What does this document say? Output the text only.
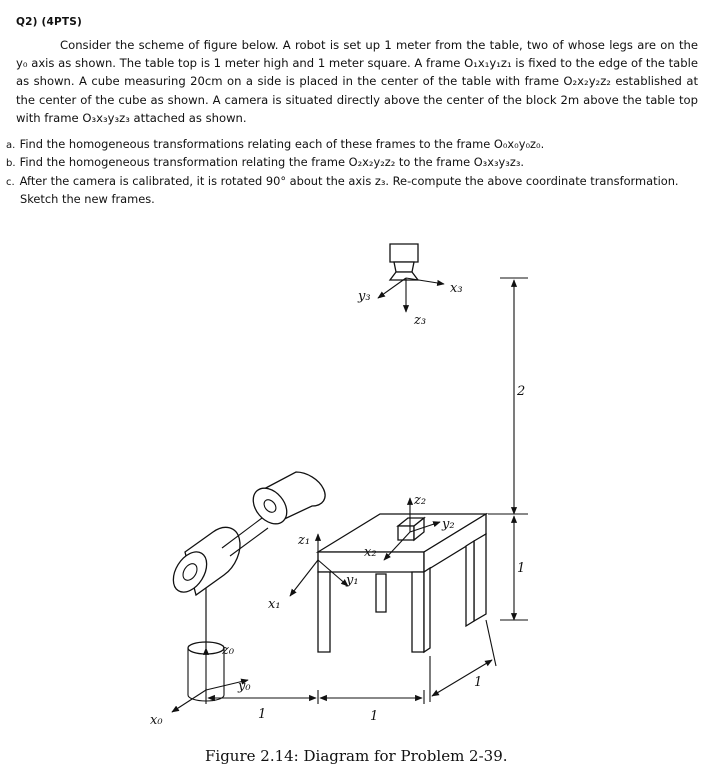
Q2) (4PTS)
Consider the scheme of figure below. A robot is set up 1 meter from the table, two of whose legs are on the y₀ axis as shown. The table top is 1 meter high and 1 meter square. A frame O₁x₁y₁z₁ is fixed to the edge of the table as shown. A cube measuring 20cm on a side is placed in the center of the table with frame O₂x₂y₂z₂ established at the center of the cube as shown. A camera is situated directly above the center of the block 2m above the table top with frame O₃x₃y₃z₃ attached as shown.
a. Find the homogeneous transformations relating each of these frames to the frame O₀x₀y₀z₀.
b. Find the homogeneous transformation relating the frame O₂x₂y₂z₂ to the frame O₃x₃y₃z₃.
c. After the camera is calibrated, it is rotated 90° about the axis z₃. Re-compute the above coordinate transformation.
Sketch the new frames.
z₀
x₀
y₀
z₁
x₁
y₁
z₂
x₂
y₂
z₃
x₃
y₃
2
1
1	1
1
Figure 2.14: Diagram for Problem 2-39.
